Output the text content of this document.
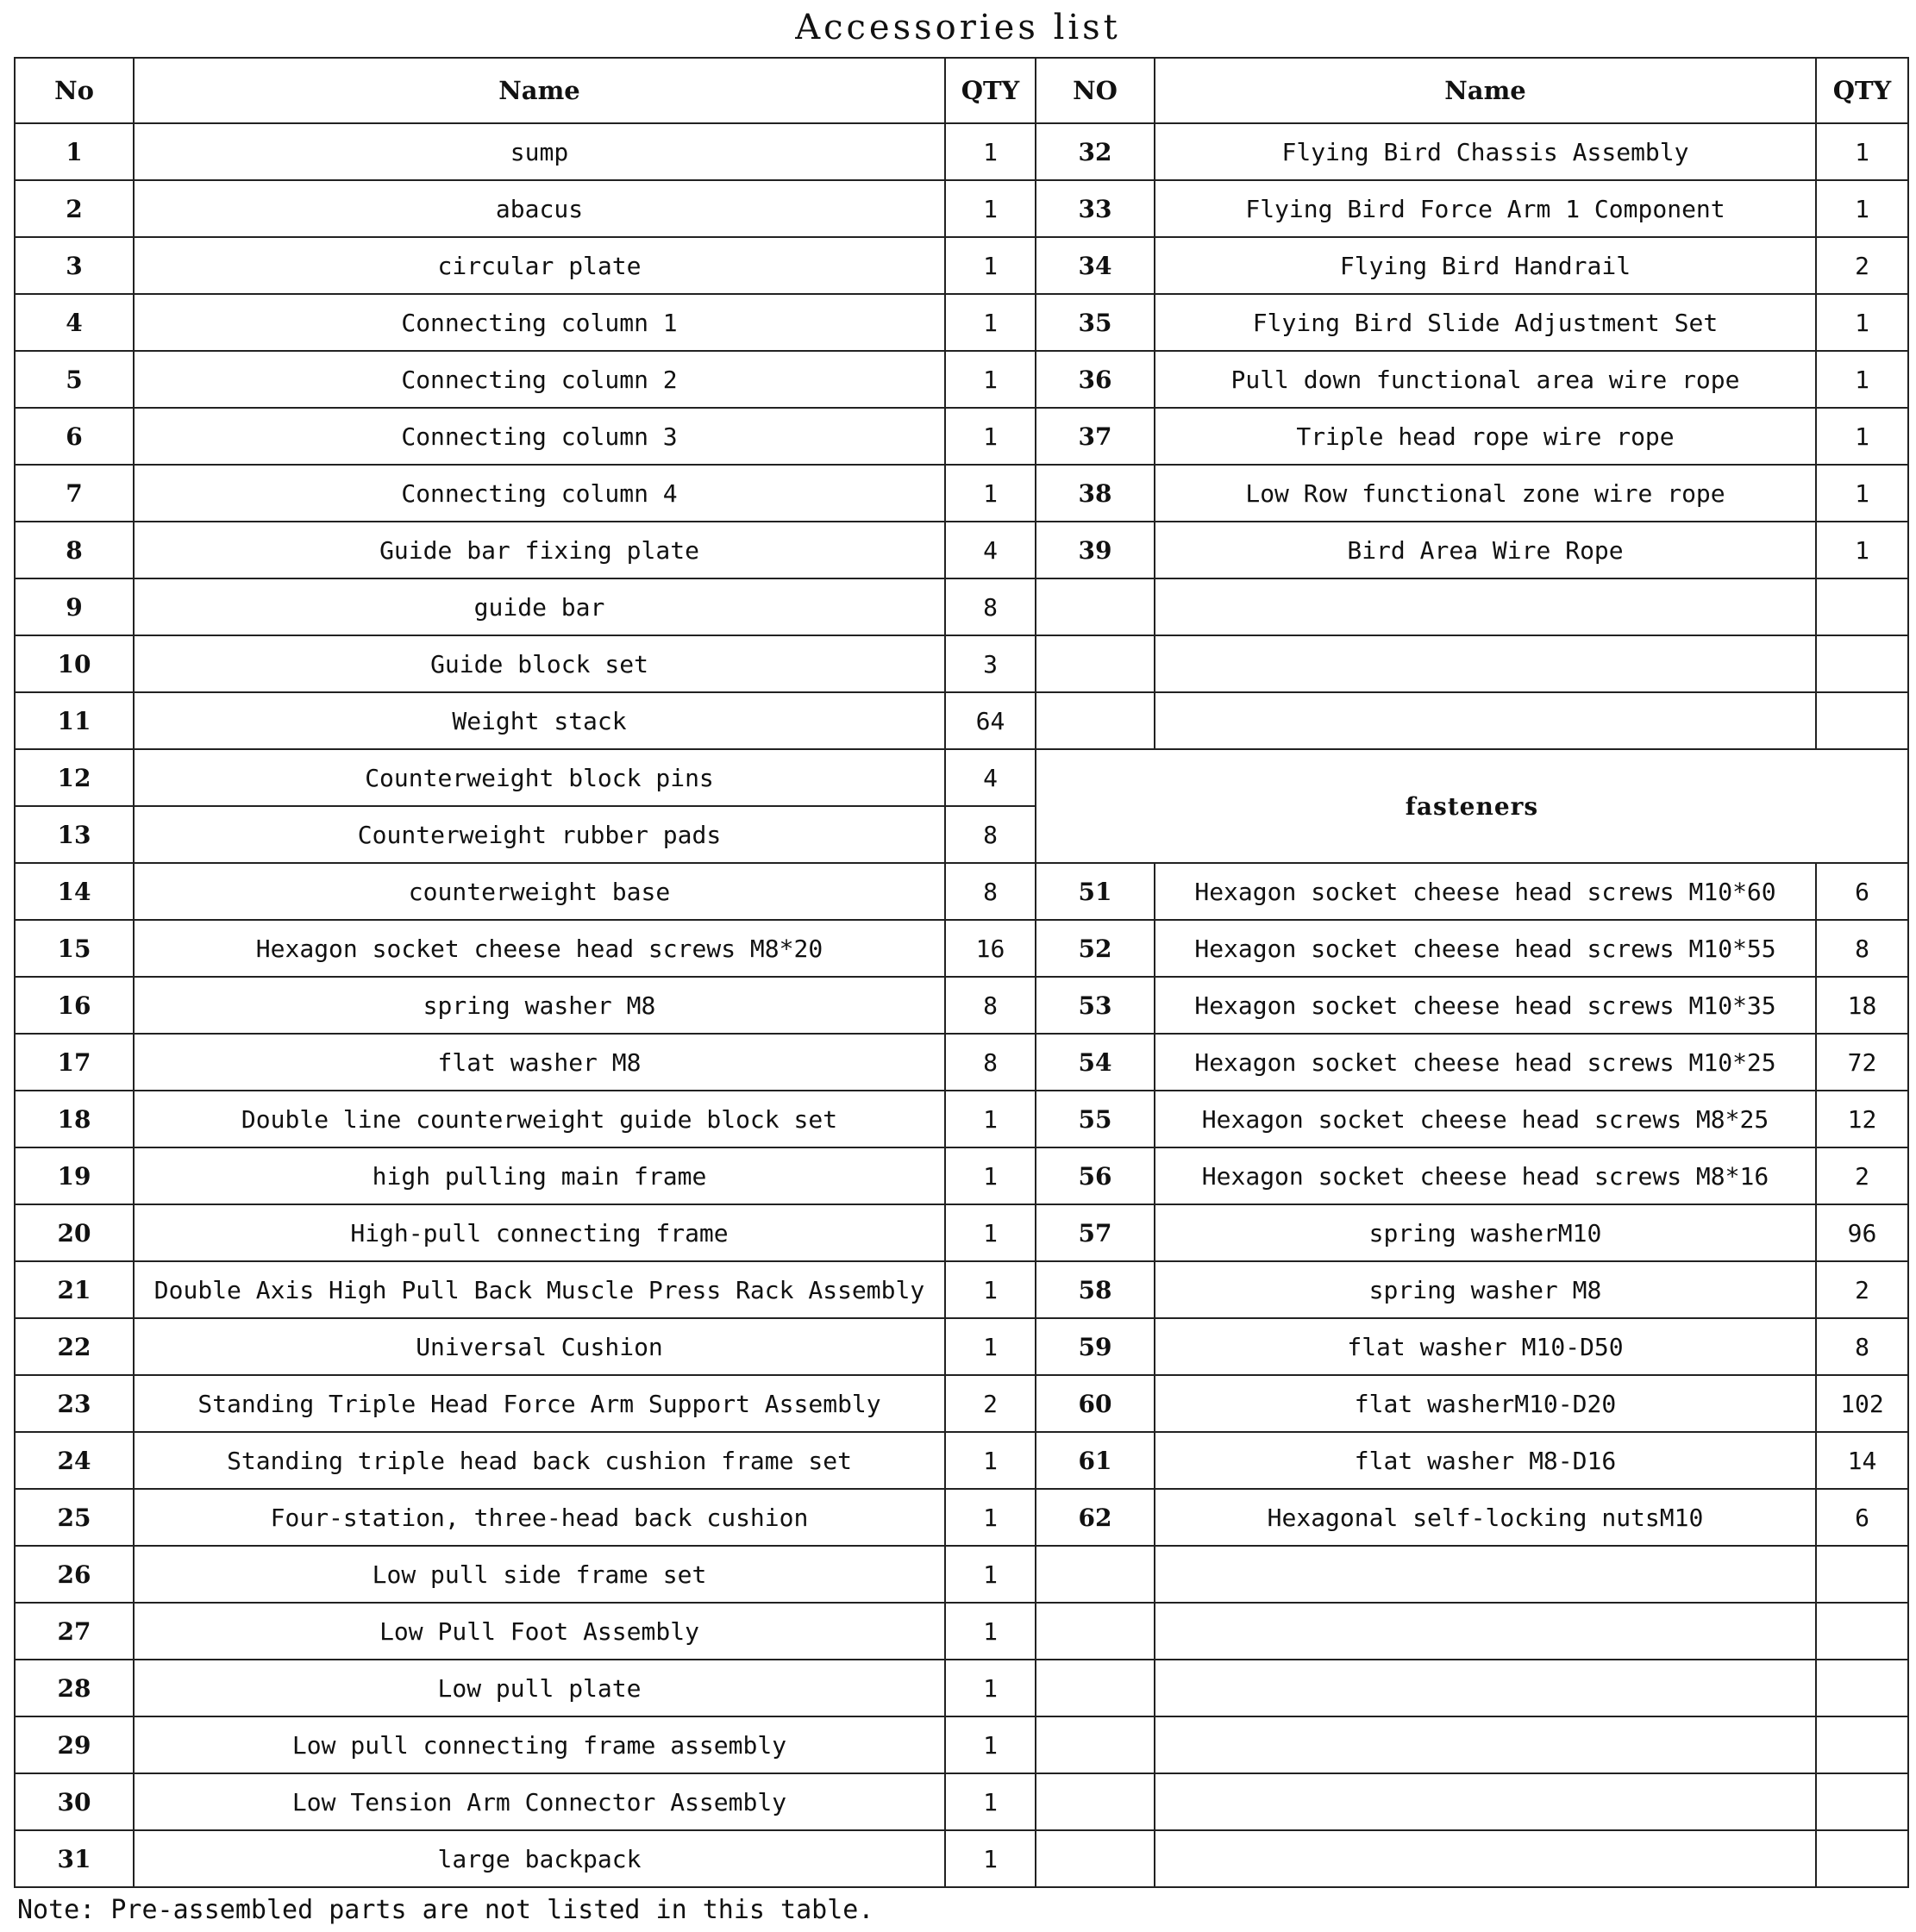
Accessories list
No	Name	QTY	NO	Name	QTY
1	sump	1	32	Flying Bird Chassis Assembly	1
2	abacus	1	33	Flying Bird Force Arm 1 Component	1
3	circular plate	1	34	Flying Bird Handrail	2
4	Connecting column 1	1	35	Flying Bird Slide Adjustment Set	1
5	Connecting column 2	1	36	Pull down functional area wire rope	1
6	Connecting column 3	1	37	Triple head rope wire rope	1
7	Connecting column 4	1	38	Low Row functional zone wire rope	1
8	Guide bar fixing plate	4	39	Bird Area Wire Rope	1
9	guide bar	8			
10	Guide block set	3			
11	Weight stack	64			
12	Counterweight block pins	4	fasteners		
13	Counterweight rubber pads	8			
14	counterweight base	8	51	Hexagon socket cheese head screws M10*60	6
15	Hexagon socket cheese head screws M8*20	16	52	Hexagon socket cheese head screws M10*55	8
16	spring washer M8	8	53	Hexagon socket cheese head screws M10*35	18
17	flat washer M8	8	54	Hexagon socket cheese head screws M10*25	72
18	Double line counterweight guide block set	1	55	Hexagon socket cheese head screws M8*25	12
19	high pulling main frame	1	56	Hexagon socket cheese head screws M8*16	2
20	High-pull connecting frame	1	57	spring washerM10	96
21	Double Axis High Pull Back Muscle Press Rack Assembly	1	58	spring washer M8	2
22	Universal Cushion	1	59	flat washer M10-D50	8
23	Standing Triple Head Force Arm Support Assembly	2	60	flat washerM10-D20	102
24	Standing triple head back cushion frame set	1	61	flat washer M8-D16	14
25	Four-station, three-head back cushion	1	62	Hexagonal self-locking nutsM10	6
26	Low pull side frame set	1			
27	Low Pull Foot Assembly	1			
28	Low pull plate	1			
29	Low pull connecting frame assembly	1			
30	Low Tension Arm Connector Assembly	1			
31	large backpack	1			
Note: Pre-assembled parts are not listed in this table.
